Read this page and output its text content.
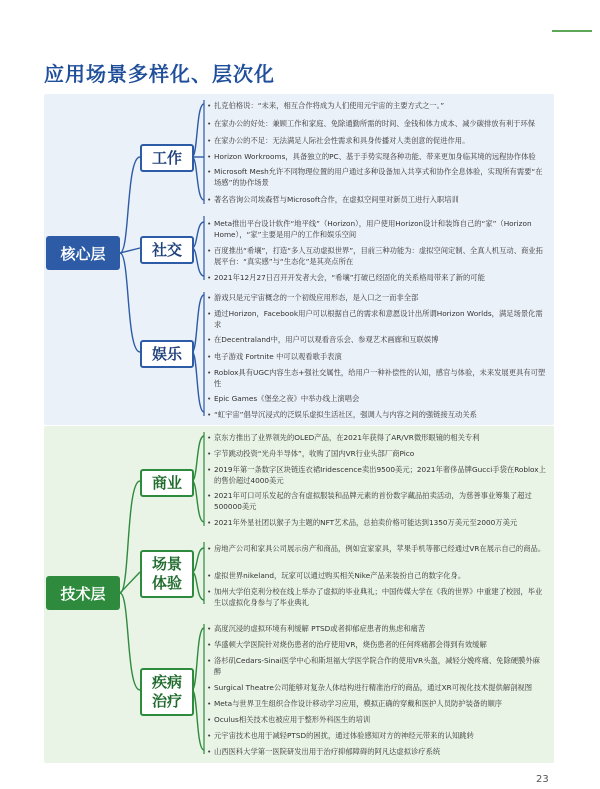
应用场景多样化、层次化
核心层
技术层
工作
社交
娱乐
商业
场景
体验
疾病
治疗
• 扎克伯格说：“未来，相互合作将成为人们使用元宇宙的主要方式之一。”
• 在家办公的好处：兼顾工作和家庭、免除通勤所需的时间、金钱和体力成本、减少碳排放有利于环保
• 在家办公的不足：无法满足人际社会性需求和具身传播对人类创意的促进作用。
• Horizon Workrooms，具备独立的PC、基于手势实现各种功能、带来更加身临其境的远程协作体验
• Microsoft Mesh允许不同物理位置的用户通过多种设备加入共享式和协作全息体验，实现所有需要“在场感”的协作场景
• 著名咨询公司埃森哲与Microsoft合作，在虚拟空间里对新员工进行入职培训
• Meta推出平台设计软件“地平线”（Horizon），用户使用Horizon设计和装饰自己的“家”（Horizon Home），“家”主要是用户的工作和娱乐空间
• 百度推出“希壤”，打造“多人互动虚拟世界”，目前三种功能为：虚拟空间定制、全真人机互动、商业拓展平台：“真实感”与“生态化”是其亮点所在
• 2021年12月27日召开开发者大会，“希壤”打破已经固化的关系格局带来了新的可能
• 游戏只是元宇宙概念的一个初级应用形态，是入口之一而非全部
• 通过Horizon，Facebook用户可以根据自己的需求和意愿设计出所谓Horizon Worlds，满足场景化需求
• 在Decentraland中，用户可以观看音乐会、参观艺术画廊和互联娱博
• 电子游戏 Fortnite 中可以观看歌手表演
• Roblox具有UGC内容生态+强社交属性，给用户一种补偿性的认知，感官与体验，未来发展更具有可塑性
• Epic Games《堡垒之夜》中举办线上演唱会
• “虹宇宙”倡导沉浸式的泛娱乐虚拟生活社区，强调人与内容之间的强链接互动关系
• 京东方推出了业界领先的OLED产品，在2021年获得了AR/VR微形眼镜的相关专利
• 字节跳动投资“光舟半导体”，收购了国内VR行业头部厂商Pico
• 2019年第一条数字区块链连衣裙Iridescence卖出9500美元；2021年奢侈品牌Gucci手袋在Roblox上的售价超过4000美元
• 2021年可口可乐发起的含有虚拟服装和品牌元素的首份数字藏品拍卖活动，为慈善事业筹集了超过500000美元
• 2021年外星社团以猴子为主题的NFT艺术品，总拍卖价格可能达到1350万美元至2000万美元
• 房地产公司和家具公司展示房产和商品，例如宜家家具，苹果手机等都已经通过VR在展示自己的商品。
• 虚拟世界nikeland，玩家可以通过购买相关Nike产品来装扮自己的数字化身。
• 加州大学伯克利分校在线上举办了虚拟的毕业典礼；中国传媒大学在《我的世界》中重建了校园，毕业生以虚拟化身参与了毕业典礼
• 高度沉浸的虚拟环境有利缓解 PTSD或者抑郁症患者的焦虑和痛苦
• 华盛顿大学医院针对烧伤患者的治疗使用VR，烧伤患者的任何疼痛都会得到有效缓解
• 洛杉矶Cedars-Sinai医学中心和斯坦福大学医学院合作的使用VR头盔，减轻分娩疼痛、免除硬膜外麻醉
• Surgical Theatre公司能够对复杂人体结构进行精准治疗的商品，通过XR可视化技术提供解剖视图
• Meta与世界卫生组织合作设计移动学习应用，模拟正确的穿戴和医护人员防护装备的顺序
• Oculus相关技术也被应用于整形外科医生的培训
• 元宇宙技术也用于减轻PTSD的困扰，通过体验感知对方的神经元带来的认知跳转
• 山西医科大学第一医院研发出用于治疗抑郁障碍的阿凡达虚拟诊疗系统
23
